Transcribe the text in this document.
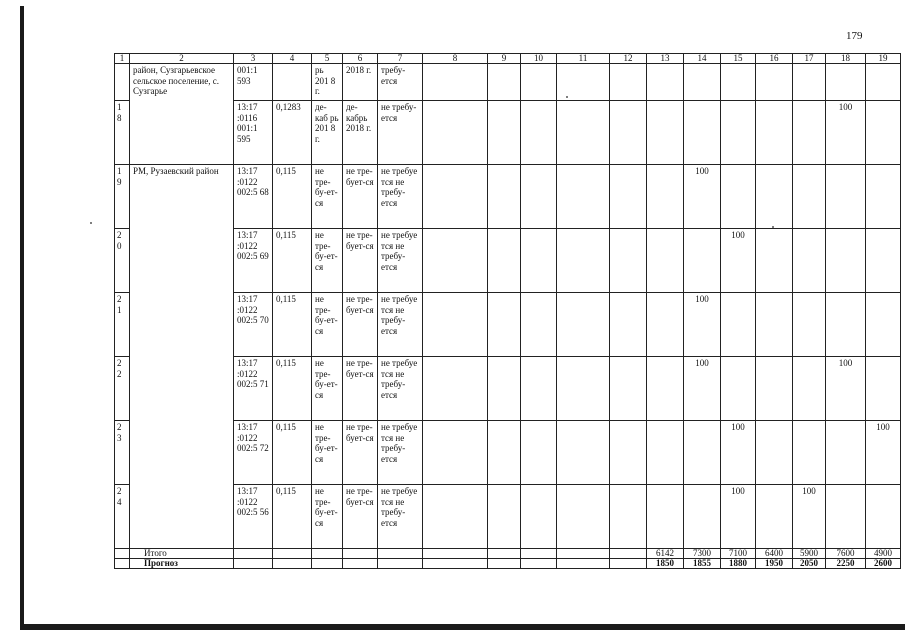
179
1	2	3	4	5	6	7	8	9	10	11	12	13	14	15	16	17	18	19
	район, Сузгарьевское сельское поселение, с. Сузгарье	001:1 593		рь 201 8 г.	2018 г.	требу-ется												
1 8		13:17 :0116 001:1 595	0,1283	де-каб рь 201 8 г.	де-кабрь 2018 г.	не требу-ется											100	
1 9	РМ, Рузаевский район	13:17 :0122 002:5 68	0,115	не тре-бу-ет-ся	не тре-бует-ся	не требуе тся не требу-ется							100					
2 0		13:17 :0122 002:5 69	0,115	не тре-бу-ет-ся	не тре-бует-ся	не требуе тся не требу-ется								100				
2 1		13:17 :0122 002:5 70	0,115	не тре-бу-ет-ся	не тре-бует-ся	не требуе тся не требу-ется							100					
2 2		13:17 :0122 002:5 71	0,115	не тре-бу-ет-ся	не тре-бует-ся	не требуе тся не требу-ется							100				100	
2 3		13:17 :0122 002:5 72	0,115	не тре-бу-ет-ся	не тре-бует-ся	не требуе тся не требу-ется								100				100
2 4		13:17 :0122 002:5 56	0,115	не тре-бу-ет-ся	не тре-бует-ся	не требуе тся не требу-ется								100		100		
	Итого											6142	7300	7100	6400	5900	7600	4900
	Прогноз											1850	1855	1880	1950	2050	2250	2600
